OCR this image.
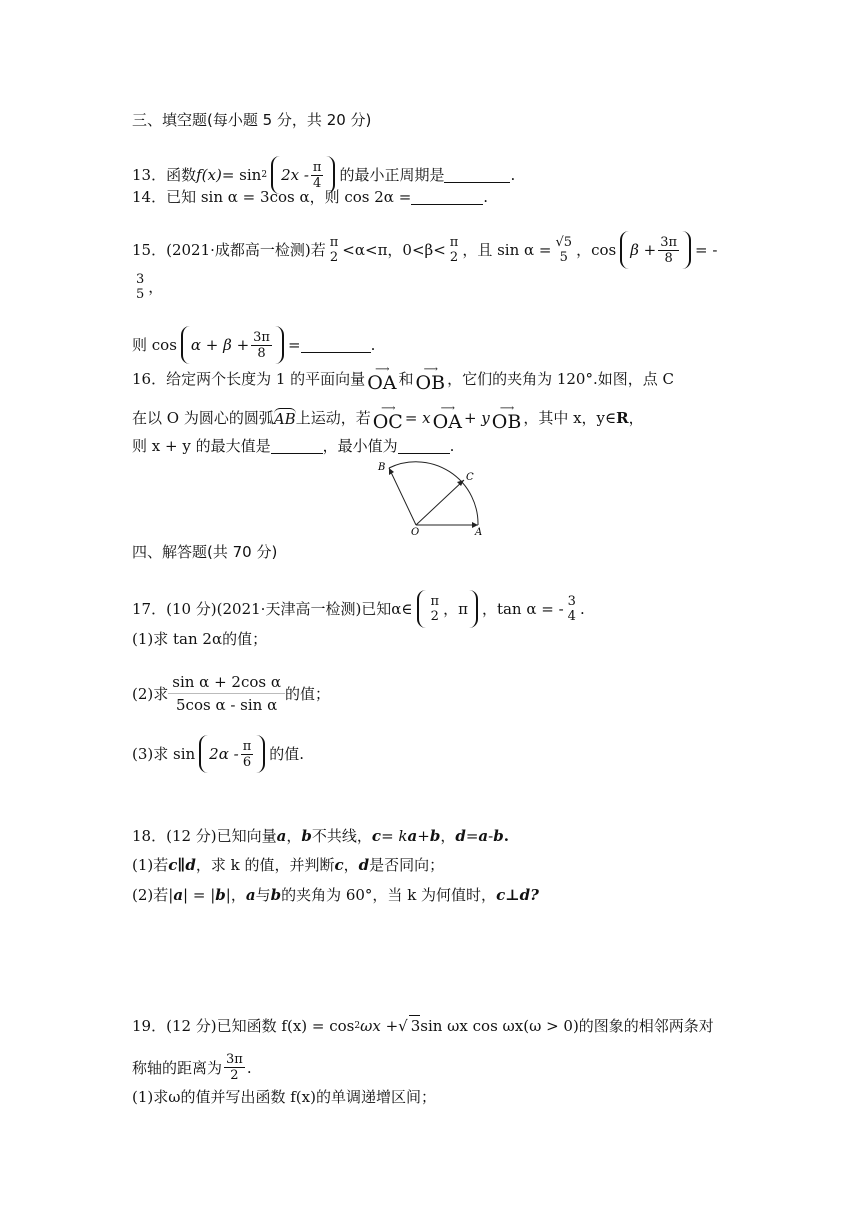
三、填空题(每小题 5 分，共 20 分)
13． 函数 f(x) = sin 2 $2x - \frac{\pi}{4}$ 的最小正周期是	.
14． 已知 sin α = 3cos α，则 cos 2α =	.
15． (2021·成都高一检测)若 π
2 <α<π，0<β< π
2 ，且 sin α = √5
5 ，$\cos \beta + \frac{3\pi}{8}$ = -
3
5 ，
则 $\cos \alpha + \beta + \frac{3\pi}{8}$ =	.
16． 给定两个长度为 1 的平面向量
⟶
OA 和
⟶
OB ，它们的夹角为 120°.如图，点 C
在以 O 为圆心的圆弧 AB 上运动，若
⟶
OC = x
⟶
OA + y
⟶
OB ，其中 x，y∈ R ，
则 x + y 的最大值是	，最小值为	.
B
C
O	A
四、解答题(共 70 分)
17． (10 分)(2021·天津高一检测)已知α∈ π
2 ，π ，tan α = - 3
4 .
(1)求 tan 2α的值；
(2)求 $\frac{\text{sin α + 2cos α}}{\text{5cos α - sin α}}$ 的值；
(3)求 $\sin 2\alpha - \frac{\pi}{6}$ 的值.
18． (12 分)已知向量 a ， b 不共线， c = k a + b ， d = a - b .
(1)若 c∥d ，求 k 的值，并判断 c ， d 是否同向；
(2)若| a | = | b |， a 与 b 的夹角为 60°，当 k 为何值时， c⊥d?
19． (12 分)已知函数 f(x) = cos 2 ωx + √ 3 sin ωx cos ωx(ω > 0)的图象的相邻两条对
称轴的距离为 $\frac{3\pi}{2}$ .
(1)求ω的值并写出函数 f(x)的单调递增区间；
